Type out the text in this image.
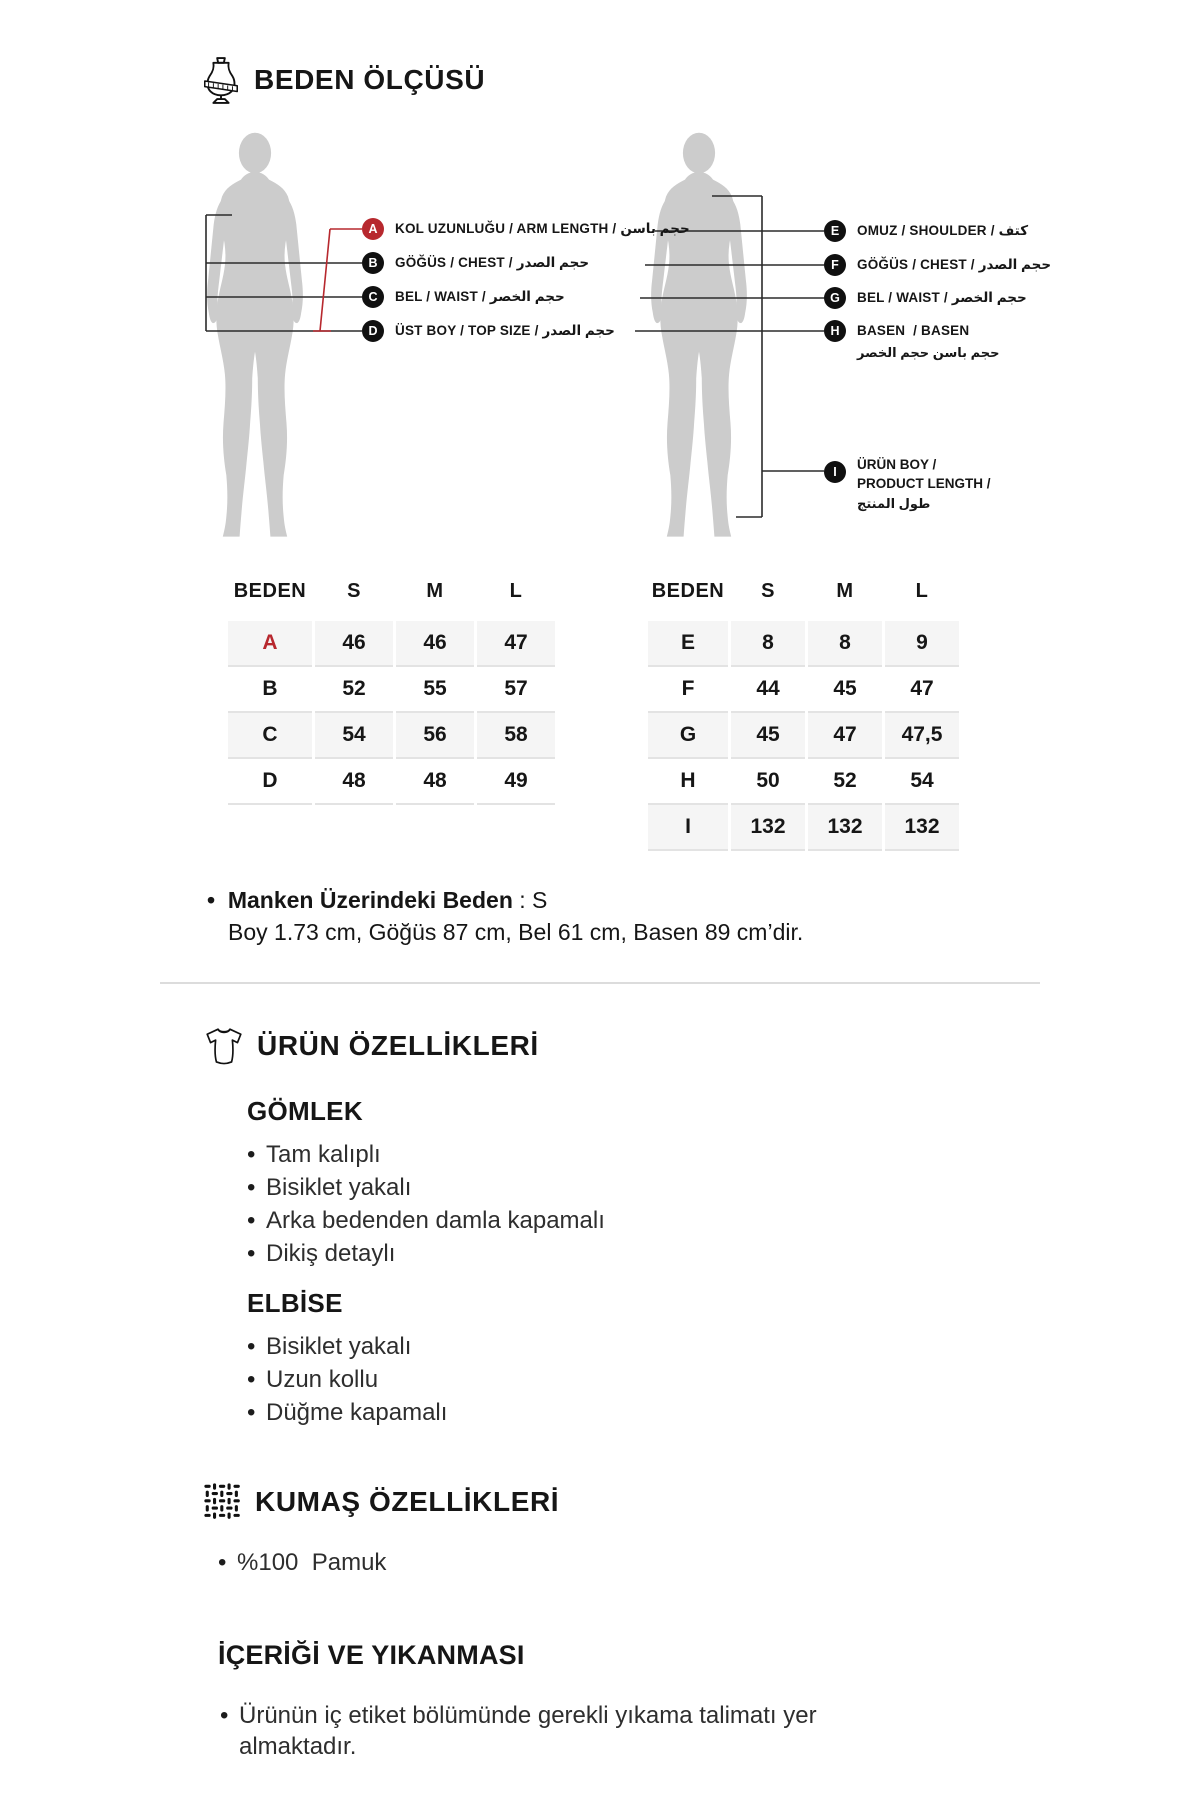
BEDEN ÖLÇÜSÜ
A	KOL UZUNLUĞU / ARM LENGTH / حجم باسن
B	GÖĞÜS / CHEST / حجم الصدر
C	BEL / WAIST / حجم الخصر
D	ÜST BOY / TOP SIZE / حجم الصدر
E	OMUZ / SHOULDER / كتف
F	GÖĞÜS / CHEST / حجم الصدر
G	BEL / WAIST / حجم الخصر
H	BASEN  / BASEN
حجم باسن حجم الخصر
I	ÜRÜN BOY /
PRODUCT LENGTH /
طول المنتج
BEDEN	S	M	L
A	46	46	47
B	52	55	57
C	54	56	58
D	48	48	49
BEDEN	S	M	L
E	8	8	9
F	44	45	47
G	45	47	47,5
H	50	52	54
I	132	132	132
•  Manken Üzerindeki Beden : S
Boy 1.73 cm, Göğüs 87 cm, Bel 61 cm, Basen 89 cm’dir.
ÜRÜN ÖZELLİKLERİ
GÖMLEK
• Tam kalıplı
• Bisiklet yakalı
• Arka bedenden damla kapamalı
• Dikiş detaylı
ELBİSE
• Bisiklet yakalı
• Uzun kollu
• Düğme kapamalı
KUMAŞ ÖZELLİKLERİ
• %100  Pamuk
İÇERİĞİ VE YIKANMASI
• Ürünün iç etiket bölümünde gerekli yıkama talimatı yer almaktadır.
